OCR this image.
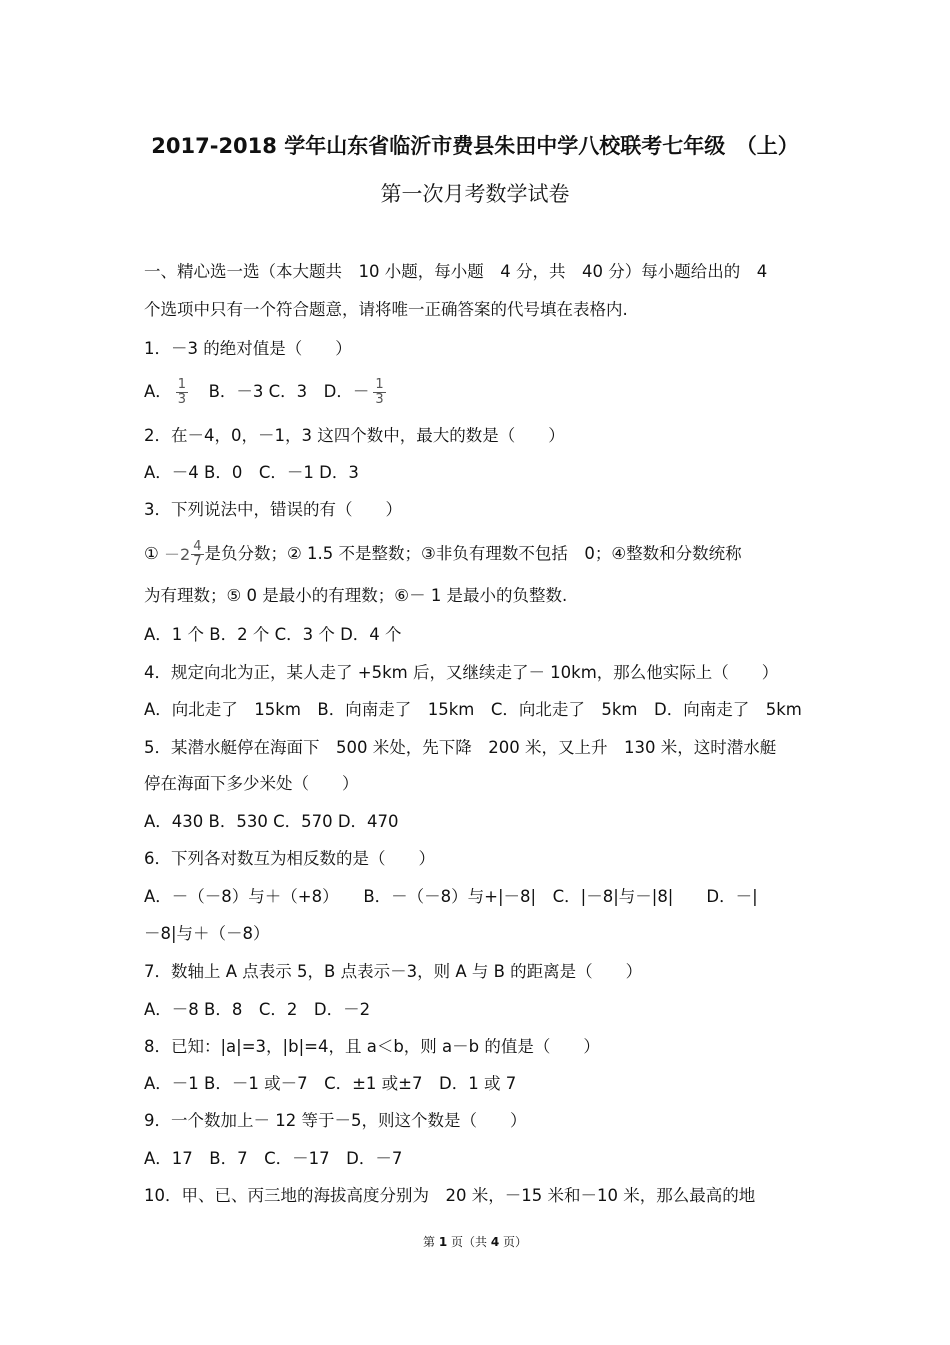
2017-2018 学年山东省临沂市费县朱田中学八校联考七年级　（上）
第一次月考数学试卷
一、精心选一选（本大题共　10 小题，每小题　4 分，共　40 分）每小题给出的　4
个选项中只有一个符合题意，请将唯一正确答案的代号填在表格内.
1．－3 的绝对值是（　　）
A． $\frac{1}{3}$ 　B．－3 C．3　D．－ $\frac{1}{3}$
2．在－4，0，－1，3 这四个数中，最大的数是（　　）
A．－4 B．0　C．－1 D．3
3．下列说法中，错误的有（　　）
① $-2 \frac{4}{7}$ 是负分数；② 1.5 不是整数；③非负有理数不包括　0；④整数和分数统称
为有理数；⑤ 0 是最小的有理数；⑥－ 1 是最小的负整数.
A．1 个 B．2 个 C．3 个 D．4 个
4．规定向北为正，某人走了 +5km 后，又继续走了－ 10km，那么他实际上（　　）
A．向北走了　15km　B．向南走了　15km　C．向北走了　5km　D．向南走了　5km
5．某潜水艇停在海面下　500 米处，先下降　200 米，又上升　130 米，这时潜水艇
停在海面下多少米处（　　）
A．430 B．530 C．570 D．470
6．下列各对数互为相反数的是（　　）
A．－（－8）与＋（+8）　　B．－（－8）与+|－8|　C．|－8|与－|8|　　D．－|
－8|与＋（－8）
7．数轴上 A 点表示 5，B 点表示－3，则 A 与 B 的距离是（　　）
A．－8 B．8　C．2　D．－2
8．已知：|a|=3，|b|=4，且 a＜b，则 a－b 的值是（　　）
A．－1 B．－1 或－7　C．±1 或±7　D．1 或 7
9．一个数加上－ 12 等于－5，则这个数是（　　）
A．17　B．7　C．－17　D．－7
10．甲、已、丙三地的海拔高度分别为　20 米，－15 米和－10 米，那么最高的地
第 1 页（共 4 页）
